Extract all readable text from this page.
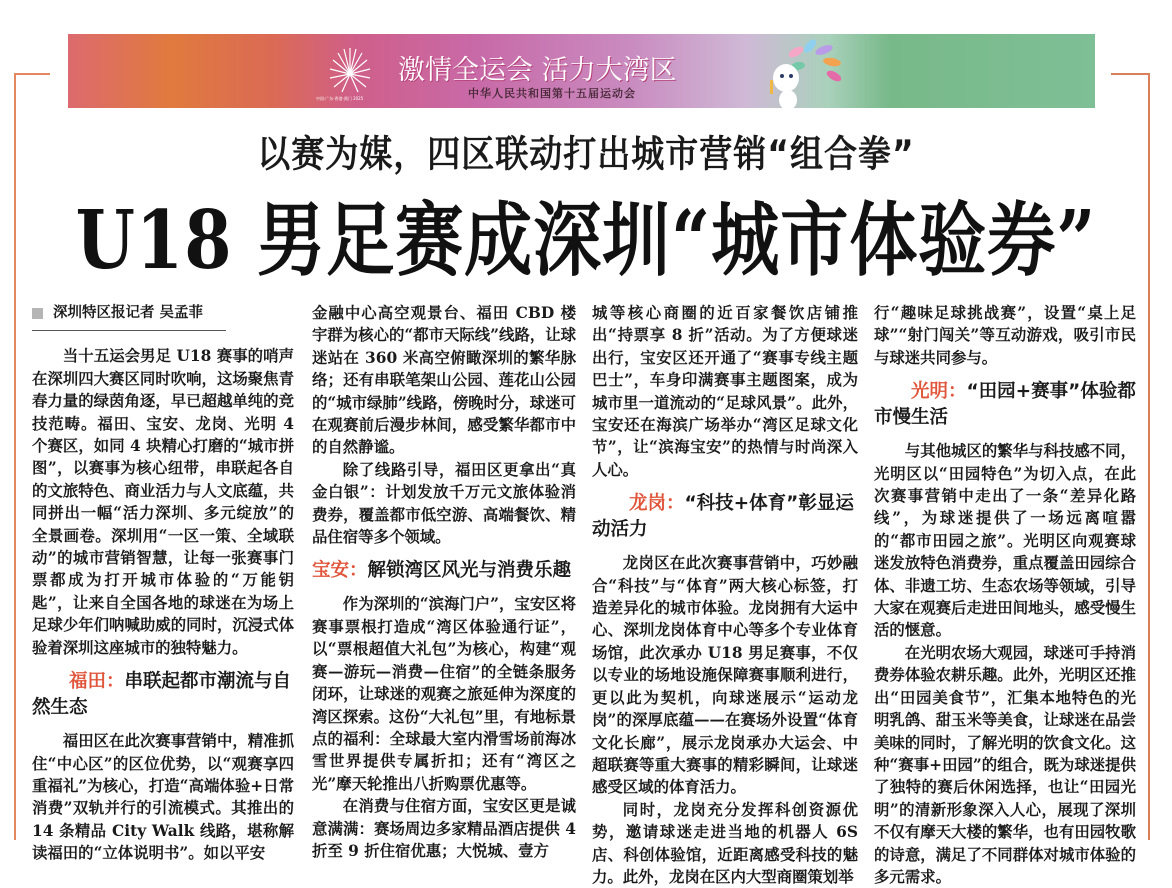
中国·广东·香港·澳门 2025
激情全运会 活力大湾区
中华人民共和国第十五届运动会
以赛为媒，四区联动打出城市营销“组合拳”
U18 男足赛成深圳“城市体验券”
深圳特区报记者 吴孟菲

当十五运会男足 U18 赛事的哨声在深圳四大赛区同时吹响，这场聚焦青春力量的绿茵角逐，早已超越单纯的竞技范畴。福田、宝安、龙岗、光明 4 个赛区，如同 4 块精心打磨的“城市拼图”，以赛事为核心纽带，串联起各自的文旅特色、商业活力与人文底蕴，共同拼出一幅“活力深圳、多元绽放”的全景画卷。深圳用“一区一策、全域联动”的城市营销智慧，让每一张赛事门票都成为打开城市体验的“万能钥匙”，让来自全国各地的球迷在为场上足球少年们呐喊助威的同时，沉浸式体验着深圳这座城市的独特魅力。

福田：串联起都市潮流与自然生态

福田区在此次赛事营销中，精准抓住“中心区”的区位优势，以“观赛享四重福礼”为核心，打造“高端体验+日常消费”双轨并行的引流模式。其推出的 14 条精品 City Walk 线路，堪称解读福田的“立体说明书”。如以平安

金融中心高空观景台、福田 CBD 楼宇群为核心的“都市天际线”线路，让球迷站在 360 米高空俯瞰深圳的繁华脉络；还有串联笔架山公园、莲花山公园的“城市绿肺”线路，傍晚时分，球迷可在观赛前后漫步林间，感受繁华都市中的自然静谧。

除了线路引导，福田区更拿出“真金白银”：计划发放千万元文旅体验消费券，覆盖都市低空游、高端餐饮、精品住宿等多个领域。

宝安：解锁湾区风光与消费乐趣

作为深圳的“滨海门户”，宝安区将赛事票根打造成“湾区体验通行证”，以“票根超值大礼包”为核心，构建“观赛—游玩—消费—住宿”的全链条服务闭环，让球迷的观赛之旅延伸为深度的湾区探索。这份“大礼包”里，有地标景点的福利：全球最大室内滑雪场前海冰雪世界提供专属折扣；还有“湾区之光”摩天轮推出八折购票优惠等。

在消费与住宿方面，宝安区更是诚意满满：赛场周边多家精品酒店提供 4 折至 9 折住宿优惠；大悦城、壹方

城等核心商圈的近百家餐饮店铺推出“持票享 8 折”活动。为了方便球迷出行，宝安区还开通了“赛事专线主题巴士”，车身印满赛事主题图案，成为城市里一道流动的“足球风景”。此外，宝安还在海滨广场举办“湾区足球文化节”，让“滨海宝安”的热情与时尚深入人心。

龙岗：“科技+体育”彰显运动活力

龙岗区在此次赛事营销中，巧妙融合“科技”与“体育”两大核心标签，打造差异化的城市体验。龙岗拥有大运中心、深圳龙岗体育中心等多个专业体育场馆，此次承办 U18 男足赛事，不仅以专业的场地设施保障赛事顺利进行，更以此为契机，向球迷展示“运动龙岗”的深厚底蕴——在赛场外设置“体育文化长廊”，展示龙岗承办大运会、中超联赛等重大赛事的精彩瞬间，让球迷感受区域的体育活力。

同时，龙岗充分发挥科创资源优势，邀请球迷走进当地的机器人 6S 店、科创体验馆，近距离感受科技的魅力。此外，龙岗在区内大型商圈策划举

行“趣味足球挑战赛”，设置“桌上足球”“射门闯关”等互动游戏，吸引市民与球迷共同参与。

光明：“田园+赛事”体验都市慢生活

与其他城区的繁华与科技感不同，光明区以“田园特色”为切入点，在此次赛事营销中走出了一条“差异化路线”，为球迷提供了一场远离喧嚣的“都市田园之旅”。光明区向观赛球迷发放特色消费券，重点覆盖田园综合体、非遗工坊、生态农场等领域，引导大家在观赛后走进田间地头，感受慢生活的惬意。

在光明农场大观园，球迷可手持消费券体验农耕乐趣。此外，光明区还推出“田园美食节”，汇集本地特色的光明乳鸽、甜玉米等美食，让球迷在品尝美味的同时，了解光明的饮食文化。这种“赛事+田园”的组合，既为球迷提供了独特的赛后休闲选择，也让“田园光明”的清新形象深入人心，展现了深圳不仅有摩天大楼的繁华，也有田园牧歌的诗意，满足了不同群体对城市体验的多元需求。
